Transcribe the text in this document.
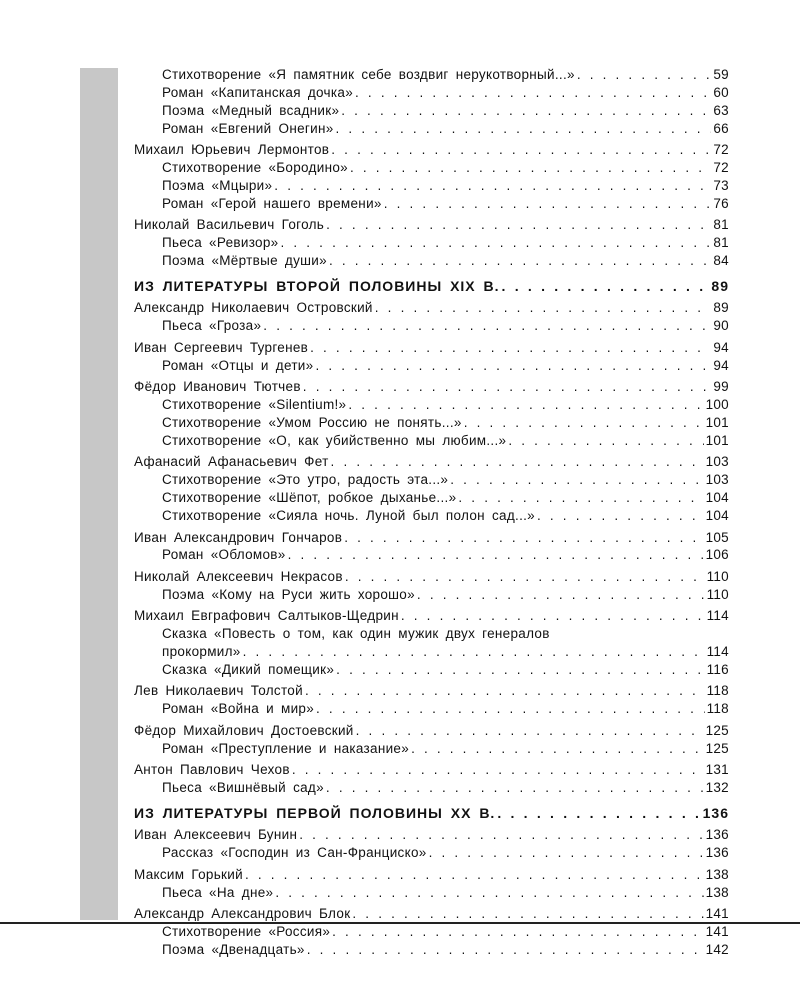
Стихотворение «Я памятник себе воздвиг нерукотворный...» . . .	59
Роман «Капитанская дочка» . . .	60
Поэма «Медный всадник» . . .	63
Роман «Евгений Онегин» . . .	66
Михаил Юрьевич Лермонтов . . .	72
Стихотворение «Бородино» . . .	72
Поэма «Мцыри» . . .	73
Роман «Герой нашего времени» . . .	76
Николай Васильевич Гоголь . . .	81
Пьеса «Ревизор» . . .	81
Поэма «Мёртвые души» . . .	84
ИЗ ЛИТЕРАТУРЫ ВТОРОЙ ПОЛОВИНЫ XIX В. . . .	89
Александр Николаевич Островский . . .	89
Пьеса «Гроза» . . .	90
Иван Сергеевич Тургенев . . .	94
Роман «Отцы и дети» . . .	94
Фёдор Иванович Тютчев . . .	99
Стихотворение «Silentium!» . . .	100
Стихотворение «Умом Россию не понять...» . . .	101
Стихотворение «О, как убийственно мы любим...» . . .	101
Афанасий Афанасьевич Фет . . .	103
Стихотворение «Это утро, радость эта...» . . .	103
Стихотворение «Шёпот, робкое дыханье...» . . .	104
Стихотворение «Сияла ночь. Луной был полон сад...» . . .	104
Иван Александрович Гончаров . . .	105
Роман «Обломов» . . .	106
Николай Алексеевич Некрасов . . .	110
Поэма «Кому на Руси жить хорошо» . . .	110
Михаил Евграфович Салтыков-Щедрин . . .	114
Сказка «Повесть о том, как один мужик двух генералов
прокормил» . . .	114
Сказка «Дикий помещик» . . .	116
Лев Николаевич Толстой . . .	118
Роман «Война и мир» . . .	118
Фёдор Михайлович Достоевский . . .	125
Роман «Преступление и наказание» . . .	125
Антон Павлович Чехов . . .	131
Пьеса «Вишнёвый сад» . . .	132
ИЗ ЛИТЕРАТУРЫ ПЕРВОЙ ПОЛОВИНЫ XX В. . . .	136
Иван Алексеевич Бунин . . .	136
Рассказ «Господин из Сан-Франциско» . . .	136
Максим Горький . . .	138
Пьеса «На дне» . . .	138
Александр Александрович Блок . . .	141
Стихотворение «Россия» . . .	141
Поэма «Двенадцать» . . .	142
